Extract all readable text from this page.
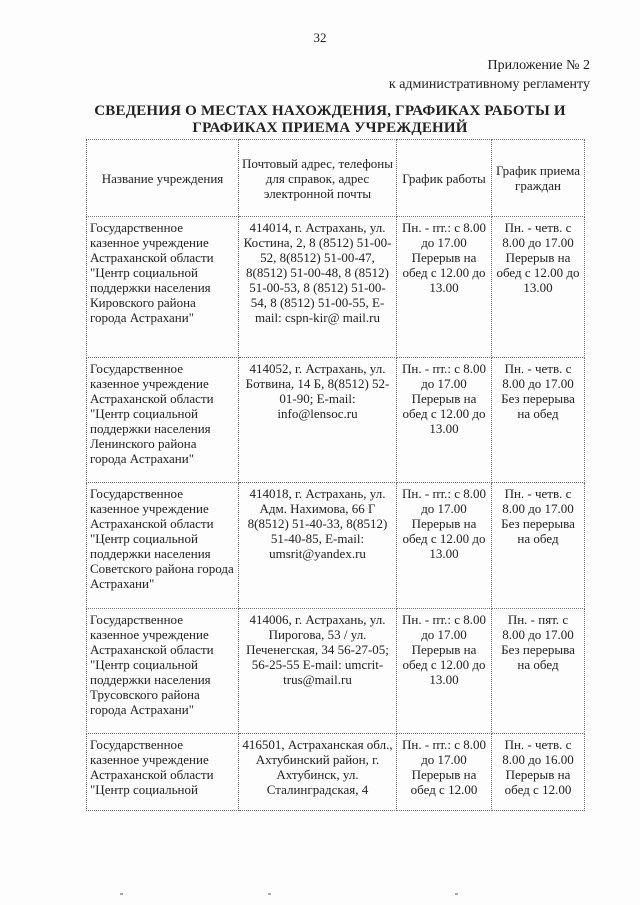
32
Приложение № 2
к административному регламенту
СВЕДЕНИЯ О МЕСТАХ НАХОЖДЕНИЯ, ГРАФИКАХ РАБОТЫ И
ГРАФИКАХ ПРИЕМА УЧРЕЖДЕНИЙ
Название учреждения	Почтовый адрес, телефоны для справок, адрес электронной почты	График работы	График приема граждан
Государственное казенное учреждение Астраханской области "Центр социальной поддержки населения Кировского района города Астрахани"	414014, г. Астрахань, ул. Костина, 2, 8 (8512) 51-00-52, 8(8512) 51-00-47, 8(8512) 51-00-48, 8 (8512) 51-00-53, 8 (8512) 51-00-54, 8 (8512) 51-00-55, E-mail: cspn-kir@ mail.ru	Пн. - пт.: с 8.00 до 17.00 Перерыв на обед с 12.00 до 13.00	Пн. - четв. с 8.00 до 17.00 Перерыв на обед с 12.00 до 13.00
Государственное казенное учреждение Астраханской области "Центр социальной поддержки населения Ленинского района города Астрахани"	414052, г. Астрахань, ул. Ботвина, 14 Б, 8(8512) 52-01-90; E-mail: info@lensoc.ru	Пн. - пт.: с 8.00 до 17.00 Перерыв на обед с 12.00 до 13.00	Пн. - четв. с 8.00 до 17.00 Без перерыва на обед
Государственное казенное учреждение Астраханской области "Центр социальной поддержки населения Советского района города Астрахани"	414018, г. Астрахань, ул. Адм. Нахимова, 66 Г 8(8512) 51-40-33, 8(8512) 51-40-85, E-mail: umsrit@yandex.ru	Пн. - пт.: с 8.00 до 17.00 Перерыв на обед с 12.00 до 13.00	Пн. - четв. с 8.00 до 17.00 Без перерыва на обед
Государственное казенное учреждение Астраханской области "Центр социальной поддержки населения Трусовского района города Астрахани"	414006, г. Астрахань, ул. Пирогова, 53 / ул. Печенегская, 34 56-27-05; 56-25-55 E-mail: umcrit-trus@mail.ru	Пн. - пт.: с 8.00 до 17.00 Перерыв на обед с 12.00 до 13.00	Пн. - пят. с 8.00 до 17.00 Без перерыва на обед
Государственное казенное учреждение Астраханской области "Центр социальной	416501, Астраханская обл., Ахтубинский район, г. Ахтубинск, ул. Сталинградская, 4	Пн. - пт.: с 8.00 до 17.00 Перерыв на обед с 12.00	Пн. - четв. с 8.00 до 16.00 Перерыв на обед с 12.00
